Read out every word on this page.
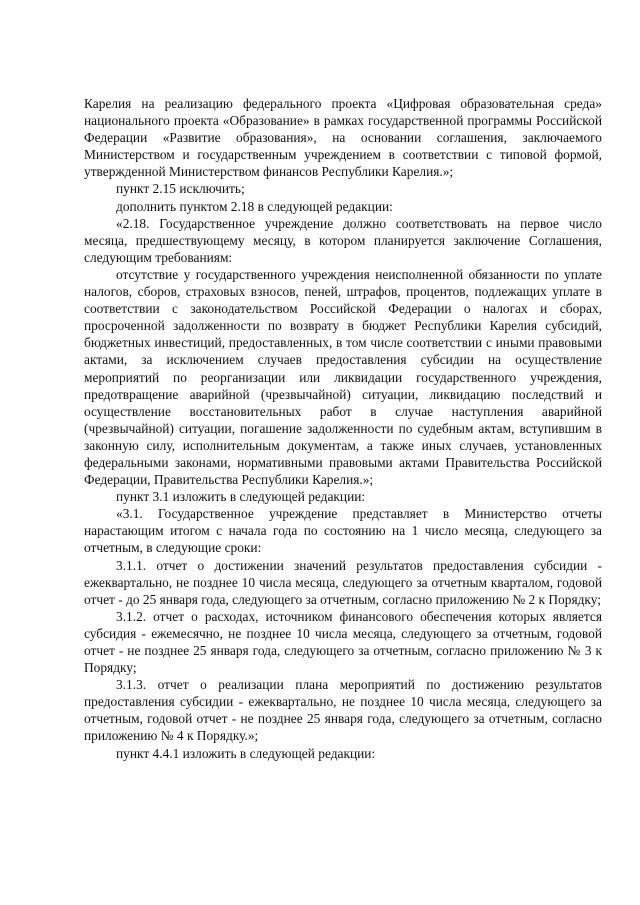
Карелия на реализацию федерального проекта «Цифровая образовательная среда» национального проекта «Образование» в рамках государственной программы Российской Федерации «Развитие образования», на основании соглашения, заключаемого Министерством и государственным учреждением в соответствии с типовой формой, утвержденной Министерством финансов Республики Карелия.»;

пункт 2.15 исключить;

дополнить пунктом 2.18 в следующей редакции:

«2.18. Государственное учреждение должно соответствовать на первое число месяца, предшествующему месяцу, в котором планируется заключение Соглашения, следующим требованиям:

отсутствие у государственного учреждения неисполненной обязанности по уплате налогов, сборов, страховых взносов, пеней, штрафов, процентов, подлежащих уплате в соответствии с законодательством Российской Федерации о налогах и сборах, просроченной задолженности по возврату в бюджет Республики Карелия субсидий, бюджетных инвестиций, предоставленных, в том числе соответствии с иными правовыми актами, за исключением случаев предоставления субсидии на осуществление мероприятий по реорганизации или ликвидации государственного учреждения, предотвращение аварийной (чрезвычайной) ситуации, ликвидацию последствий и осуществление восстановительных работ в случае наступления аварийной (чрезвычайной) ситуации, погашение задолженности по судебным актам, вступившим в законную силу, исполнительным документам, а также иных случаев, установленных федеральными законами, нормативными правовыми актами Правительства Российской Федерации, Правительства Республики Карелия.»;

пункт 3.1 изложить в следующей редакции:

«3.1. Государственное учреждение представляет в Министерство отчеты нарастающим итогом с начала года по состоянию на 1 число месяца, следующего за отчетным, в следующие сроки:

3.1.1. отчет о достижении значений результатов предоставления субсидии - ежеквартально, не позднее 10 числа месяца, следующего за отчетным кварталом, годовой отчет - до 25 января года, следующего за отчетным, согласно приложению № 2 к Порядку;

3.1.2. отчет о расходах, источником финансового обеспечения которых является субсидия - ежемесячно, не позднее 10 числа месяца, следующего за отчетным, годовой отчет - не позднее 25 января года, следующего за отчетным, согласно приложению № 3 к Порядку;

3.1.3. отчет о реализации плана мероприятий по достижению результатов предоставления субсидии - ежеквартально, не позднее 10 числа месяца, следующего за отчетным, годовой отчет - не позднее 25 января года, следующего за отчетным, согласно приложению № 4 к Порядку.»;

пункт 4.4.1 изложить в следующей редакции:
